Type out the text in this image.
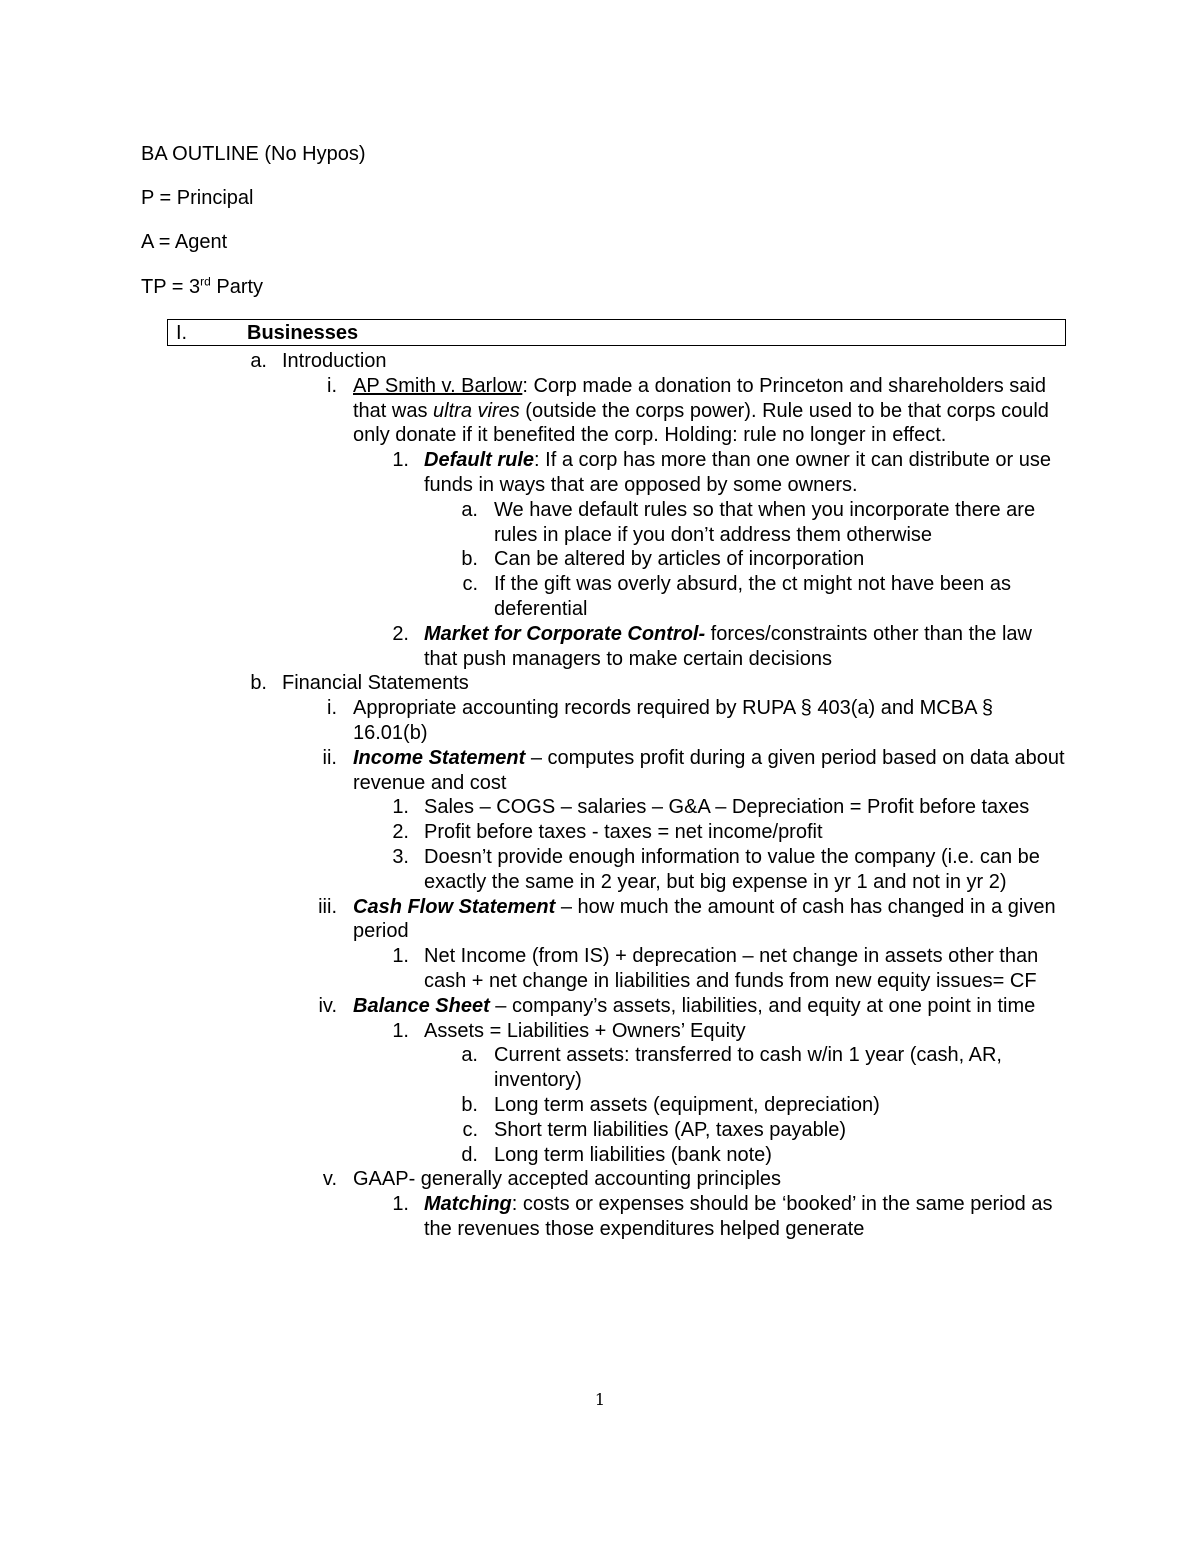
BA OUTLINE (No Hypos)

P = Principal

A = Agent

TP = 3rd Party

I.	Businesses
a. Introduction
i. AP Smith v. Barlow: Corp made a donation to Princeton and shareholders said that was ultra vires (outside the corps power). Rule used to be that corps could only donate if it benefited the corp. Holding: rule no longer in effect.
1. Default rule: If a corp has more than one owner it can distribute or use funds in ways that are opposed by some owners.
a. We have default rules so that when you incorporate there are rules in place if you don’t address them otherwise
b. Can be altered by articles of incorporation
c. If the gift was overly absurd, the ct might not have been as deferential
2. Market for Corporate Control- forces/constraints other than the law that push managers to make certain decisions
b. Financial Statements
i. Appropriate accounting records required by RUPA § 403(a) and MCBA § 16.01(b)
ii. Income Statement – computes profit during a given period based on data about revenue and cost
1. Sales – COGS – salaries – G&A – Depreciation = Profit before taxes
2. Profit before taxes - taxes = net income/profit
3. Doesn’t provide enough information to value the company (i.e. can be exactly the same in 2 year, but big expense in yr 1 and not in yr 2)
iii. Cash Flow Statement – how much the amount of cash has changed in a given period
1. Net Income (from IS) + deprecation – net change in assets other than cash + net change in liabilities and funds from new equity issues= CF
iv. Balance Sheet – company’s assets, liabilities, and equity at one point in time
1. Assets = Liabilities + Owners’ Equity
a. Current assets: transferred to cash w/in 1 year (cash, AR, inventory)
b. Long term assets (equipment, depreciation)
c. Short term liabilities (AP, taxes payable)
d. Long term liabilities (bank note)
v. GAAP- generally accepted accounting principles
1. Matching: costs or expenses should be ‘booked’ in the same period as the revenues those expenditures helped generate
1
